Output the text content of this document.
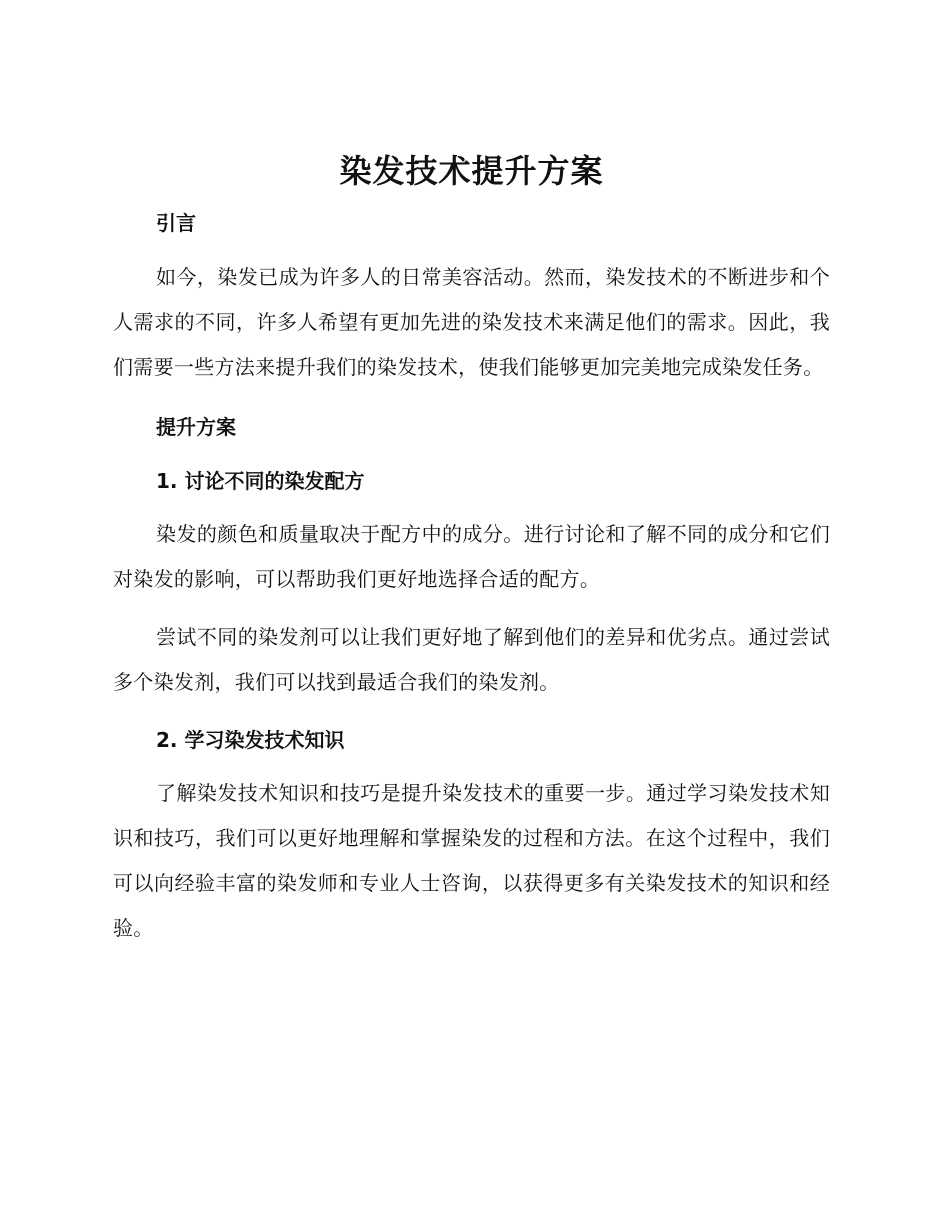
染发技术提升方案
引言

如今，染发已成为许多人的日常美容活动。然而，染发技术的不断进步和个人需求的不同，许多人希望有更加先进的染发技术来满足他们的需求。因此，我们需要一些方法来提升我们的染发技术，使我们能够更加完美地完成染发任务。

提升方案
1. 讨论不同的染发配方

染发的颜色和质量取决于配方中的成分。进行讨论和了解不同的成分和它们对染发的影响，可以帮助我们更好地选择合适的配方。

尝试不同的染发剂可以让我们更好地了解到他们的差异和优劣点。通过尝试多个染发剂，我们可以找到最适合我们的染发剂。

2. 学习染发技术知识

了解染发技术知识和技巧是提升染发技术的重要一步。通过学习染发技术知识和技巧，我们可以更好地理解和掌握染发的过程和方法。在这个过程中，我们可以向经验丰富的染发师和专业人士咨询，以获得更多有关染发技术的知识和经验。
